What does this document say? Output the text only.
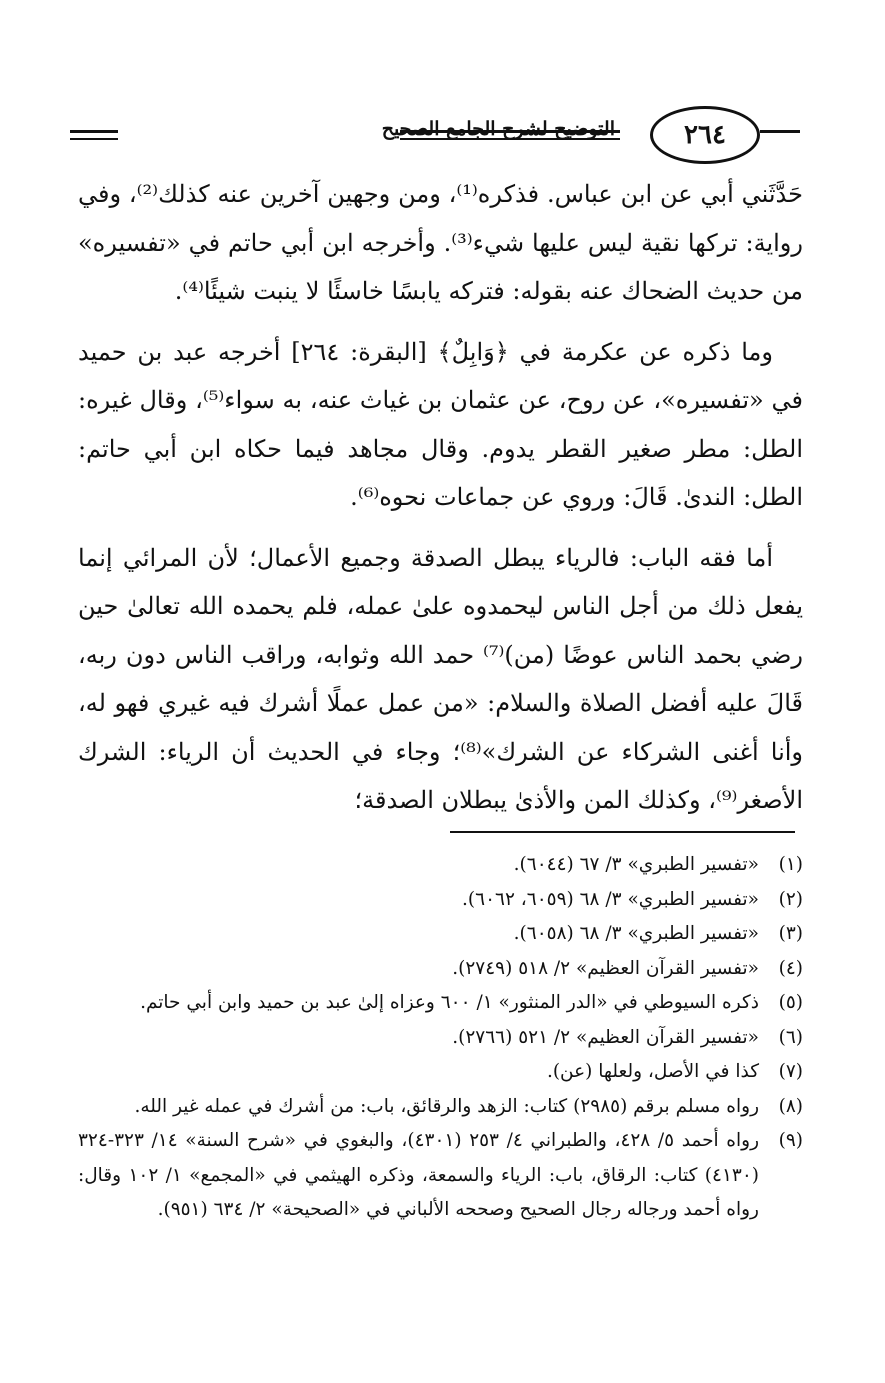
التوضيح لشرح الجامع الصحيح	٢٦٤

حَدَّثَني أبي عن ابن عباس. فذكره⁽¹⁾، ومن وجهين آخرين عنه كذلك⁽²⁾، وفي رواية: تركها نقية ليس عليها شيء⁽³⁾. وأخرجه ابن أبي حاتم في «تفسيره» من حديث الضحاك عنه بقوله: فتركه يابسًا خاسئًا لا ينبت شيئًا⁽⁴⁾.

وما ذكره عن عكرمة في ﴿وَابِلٌ﴾ [البقرة: ٢٦٤] أخرجه عبد بن حميد في «تفسيره»، عن روح، عن عثمان بن غياث عنه، به سواء⁽⁵⁾، وقال غيره: الطل: مطر صغير القطر يدوم. وقال مجاهد فيما حكاه ابن أبي حاتم: الطل: الندىٰ. قَالَ: وروي عن جماعات نحوه⁽⁶⁾.

أما فقه الباب: فالرياء يبطل الصدقة وجميع الأعمال؛ لأن المرائي إنما يفعل ذلك من أجل الناس ليحمدوه علىٰ عمله، فلم يحمده الله تعالىٰ حين رضي بحمد الناس عوضًا (من)⁽⁷⁾ حمد الله وثوابه، وراقب الناس دون ربه، قَالَ عليه أفضل الصلاة والسلام: «من عمل عملًا أشرك فيه غيري فهو له، وأنا أغنى الشركاء عن الشرك»⁽⁸⁾؛ وجاء في الحديث أن الرياء: الشرك الأصغر⁽⁹⁾، وكذلك المن والأذىٰ يبطلان الصدقة؛

(١)
«تفسير الطبري» ٣/ ٦٧ (٦٠٤٤).
(٢)
«تفسير الطبري» ٣/ ٦٨ (٦٠٥٩، ٦٠٦٢).
(٣)
«تفسير الطبري» ٣/ ٦٨ (٦٠٥٨).
(٤)
«تفسير القرآن العظيم» ٢/ ٥١٨ (٢٧٤٩).
(٥)
ذكره السيوطي في «الدر المنثور» ١/ ٦٠٠ وعزاه إلىٰ عبد بن حميد وابن أبي حاتم.
(٦)
«تفسير القرآن العظيم» ٢/ ٥٢١ (٢٧٦٦).
(٧)
كذا في الأصل، ولعلها (عن).
(٨)
رواه مسلم برقم (٢٩٨٥) كتاب: الزهد والرقائق، باب: من أشرك في عمله غير الله.
(٩)
رواه أحمد ٥/ ٤٢٨، والطبراني ٤/ ٢٥٣ (٤٣٠١)، والبغوي في «شرح السنة» ١٤/ ٣٢٣-٣٢٤ (٤١٣٠) كتاب: الرقاق، باب: الرياء والسمعة، وذكره الهيثمي في «المجمع» ١/ ١٠٢ وقال: رواه أحمد ورجاله رجال الصحيح وصححه الألباني في «الصحيحة» ٢/ ٦٣٤ (٩٥١).
